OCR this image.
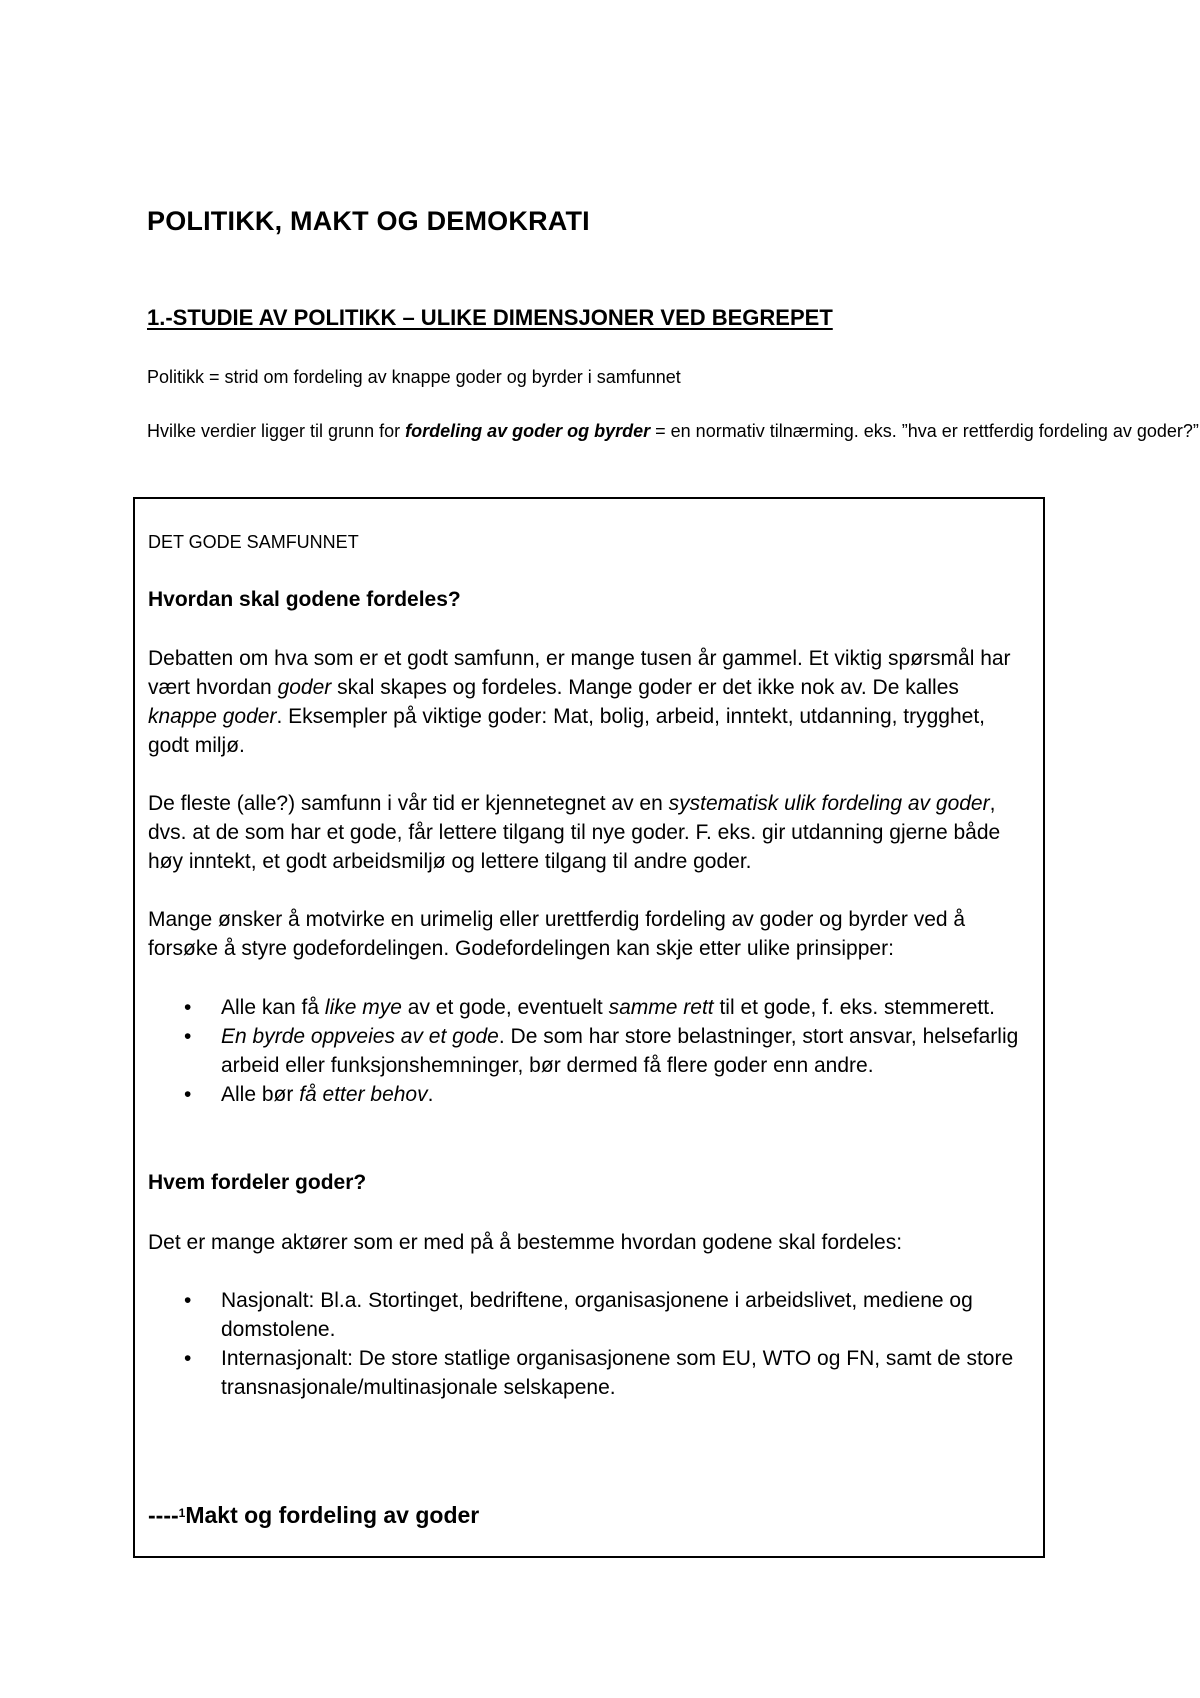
POLITIKK, MAKT OG DEMOKRATI
1.-STUDIE AV POLITIKK – ULIKE DIMENSJONER VED BEGREPET

Politikk = strid om fordeling av knappe goder og byrder i samfunnet

Hvilke verdier ligger til grunn for fordeling av goder og byrder = en normativ tilnærming. eks. ”hva er rettferdig fordeling av goder?”

DET GODE SAMFUNNET

Hvordan skal godene fordeles?

Debatten om hva som er et godt samfunn, er mange tusen år gammel. Et viktig spørsmål har vært hvordan goder skal skapes og fordeles. Mange goder er det ikke nok av. De kalles knappe goder. Eksempler på viktige goder: Mat, bolig, arbeid, inntekt, utdanning, trygghet, godt miljø.

De fleste (alle?) samfunn i vår tid er kjennetegnet av en systematisk ulik fordeling av goder, dvs. at de som har et gode, får lettere tilgang til nye goder. F. eks. gir utdanning gjerne både høy inntekt, et godt arbeidsmiljø og lettere tilgang til andre goder.

Mange ønsker å motvirke en urimelig eller urettferdig fordeling av goder og byrder ved å forsøke å styre godefordelingen. Godefordelingen kan skje etter ulike prinsipper:

• Alle kan få like mye av et gode, eventuelt samme rett til et gode, f. eks. stemmerett.
• En byrde oppveies av et gode. De som har store belastninger, stort ansvar, helsefarlig arbeid eller funksjonshemninger, bør dermed få flere goder enn andre.
• Alle bør få etter behov.

Hvem fordeler goder?

Det er mange aktører som er med på å bestemme hvordan godene skal fordeles:

• Nasjonalt: Bl.a. Stortinget, bedriftene, organisasjonene i arbeidslivet, mediene og domstolene.
• Internasjonalt: De store statlige organisasjonene som EU, WTO og FN, samt de store transnasjonale/multinasjonale selskapene.

----$^1$Makt og fordeling av goder
